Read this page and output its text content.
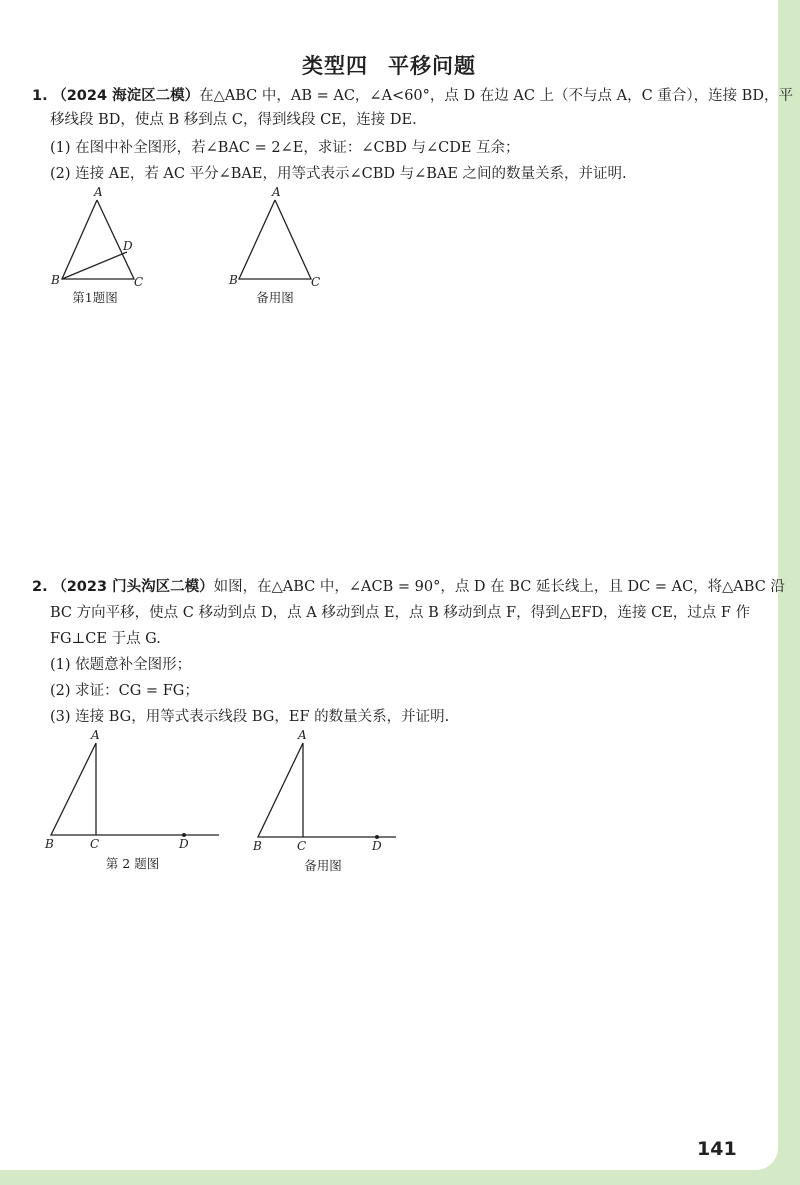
类型四 平移问题
1. （2024 海淀区二模）在△ABC 中，AB = AC，∠A<60°，点 D 在边 AC 上（不与点 A，C 重合），连接 BD，平
移线段 BD，使点 B 移到点 C，得到线段 CE，连接 DE.
(1) 在图中补全图形，若∠BAC = 2∠E，求证：∠CBD 与∠CDE 互余；
(2) 连接 AE，若 AC 平分∠BAE，用等式表示∠CBD 与∠BAE 之间的数量关系，并证明.
A
B	C
D
第1题图
A
B	C
备用图
2. （2023 门头沟区二模）如图，在△ABC 中，∠ACB = 90°，点 D 在 BC 延长线上，且 DC = AC，将△ABC 沿
BC 方向平移，使点 C 移动到点 D，点 A 移动到点 E，点 B 移动到点 F，得到△EFD，连接 CE，过点 F 作
FG⊥CE 于点 G.
(1) 依题意补全图形；
(2) 求证：CG = FG；
(3) 连接 BG，用等式表示线段 BG，EF 的数量关系，并证明.
A
B	C	D
第 2 题图
A
B	C	D
备用图
141
